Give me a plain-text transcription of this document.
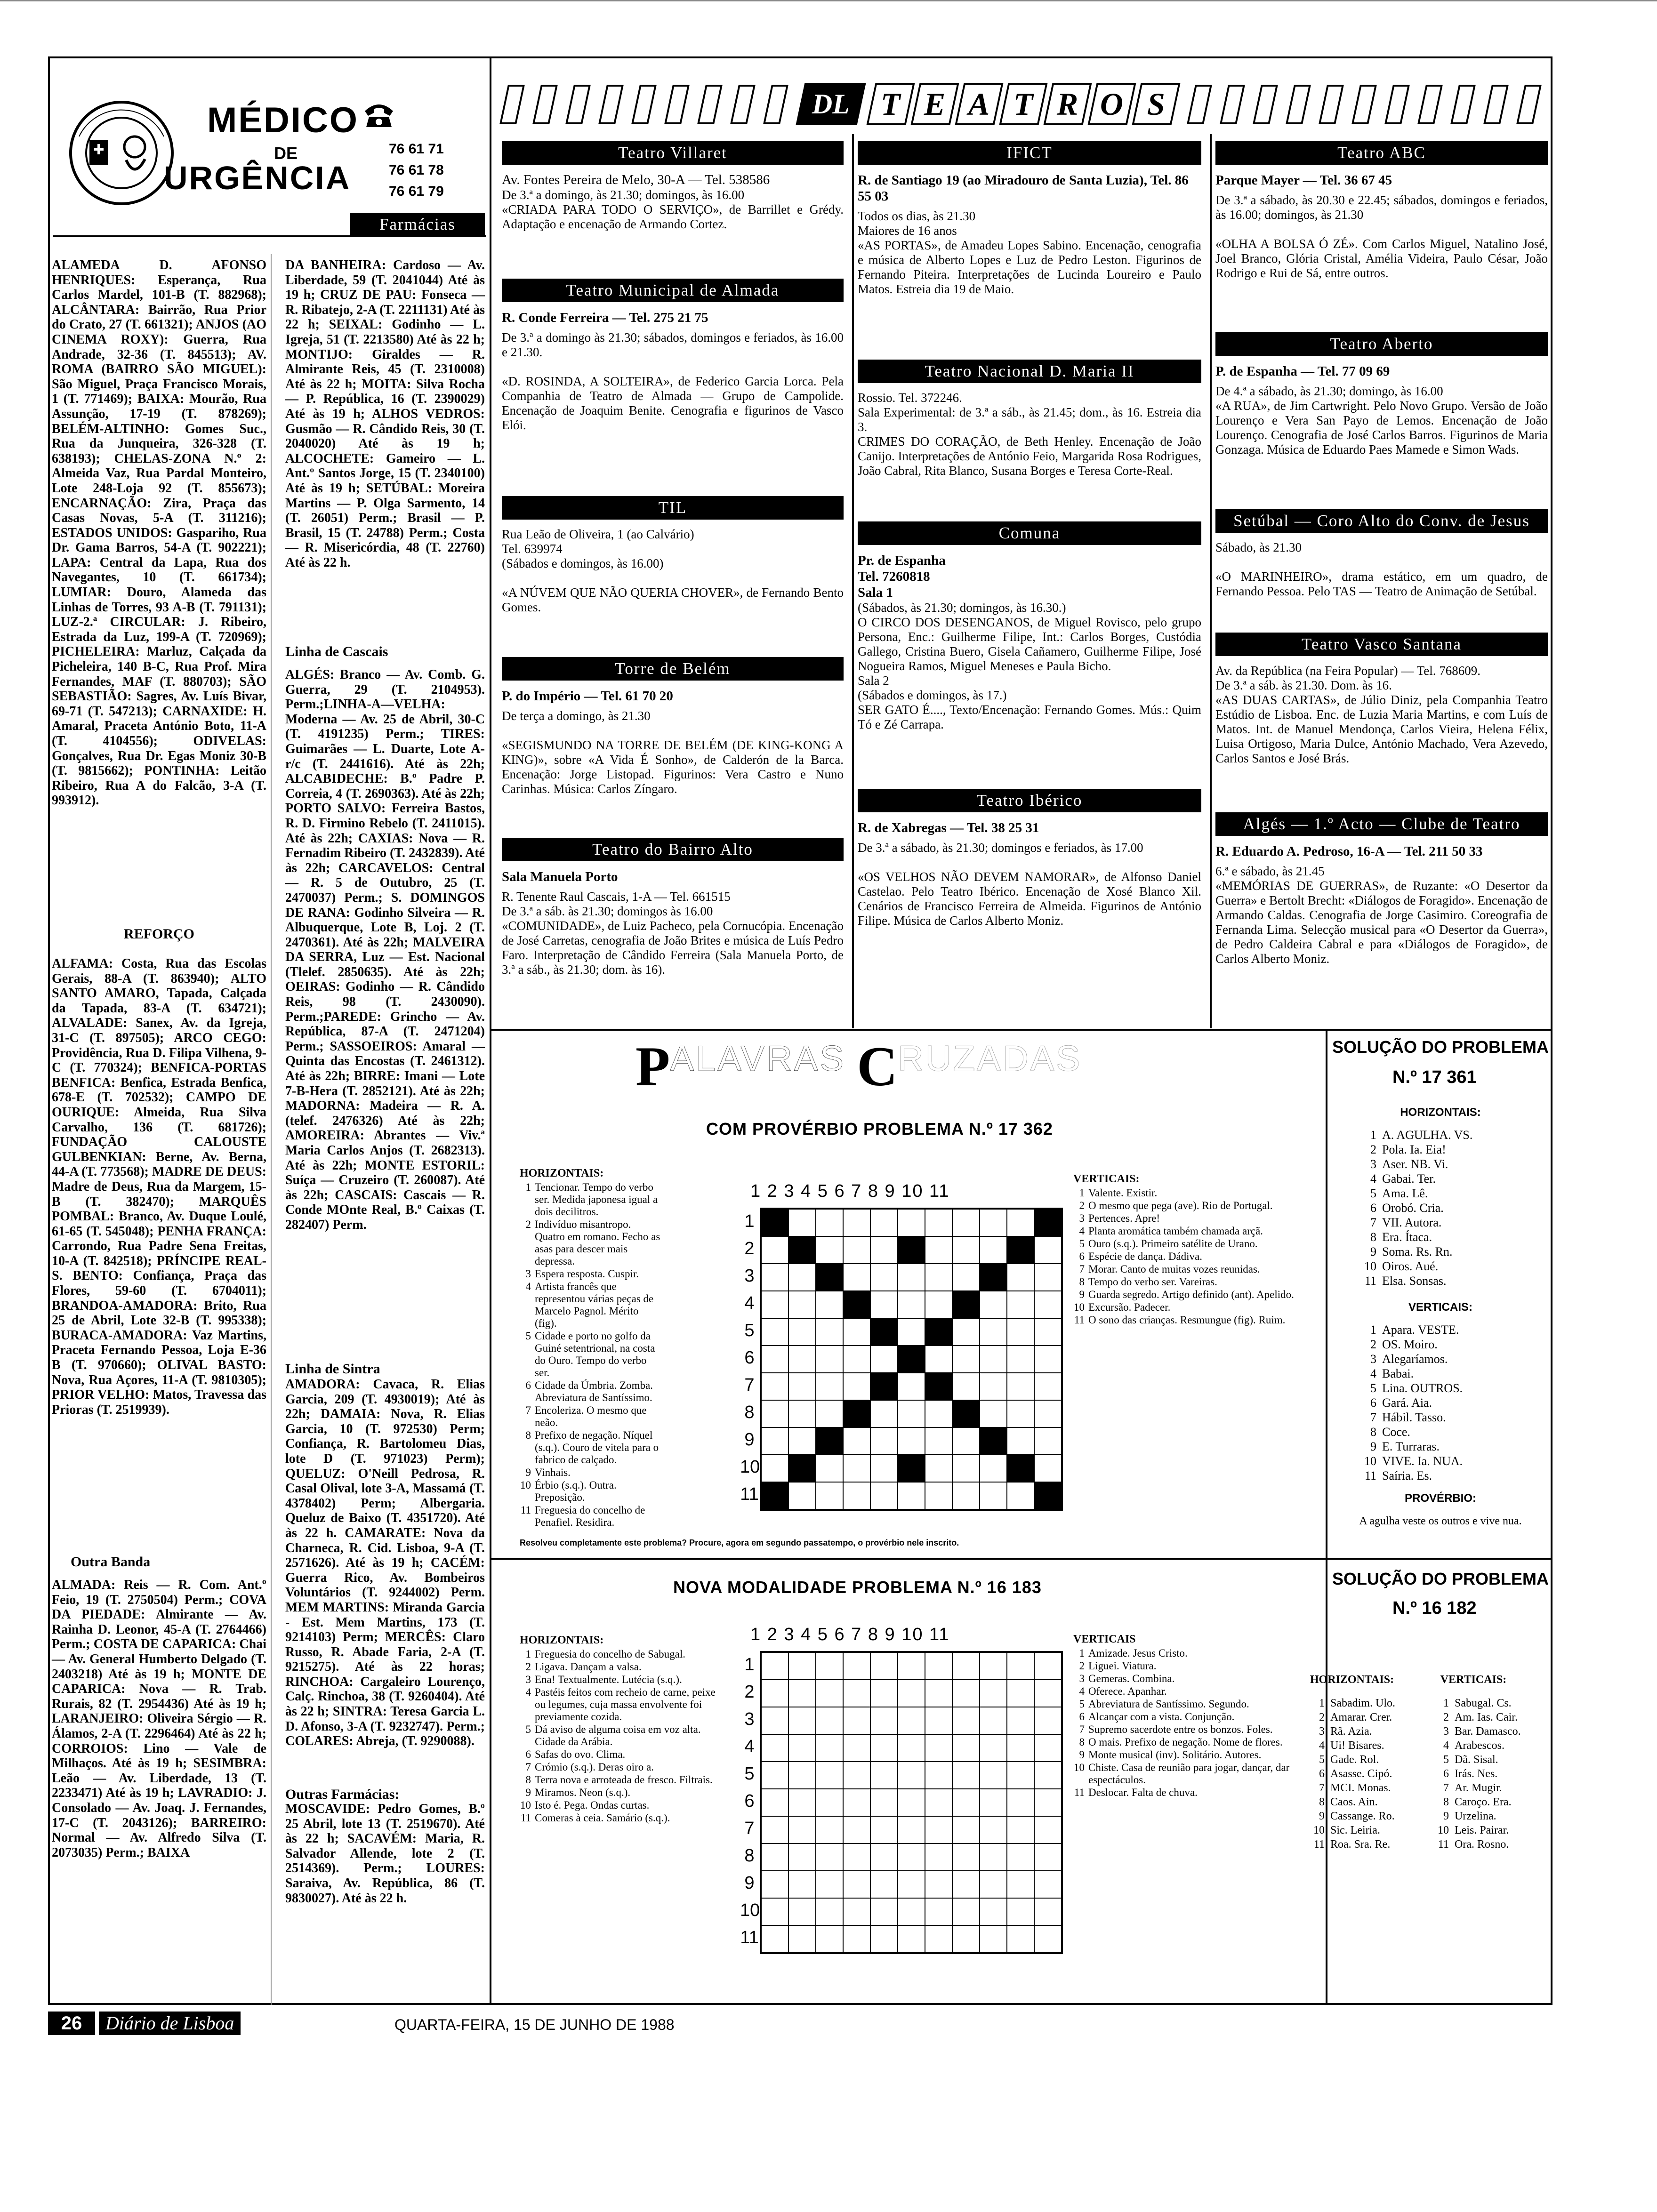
MÉDICO
DE
URGÊNCIA
76 61 71
76 61 78
76 61 79
Farmácias
ALAMEDA D. AFONSO HENRIQUES: Esperança, Rua Carlos Mardel, 101-B (T. 882968); ALCÂNTARA: Bairrão, Rua Prior do Crato, 27 (T. 661321); ANJOS (AO CINEMA ROXY): Guerra, Rua Andrade, 32-36 (T. 845513); AV. ROMA (BAIRRO SÃO MIGUEL): São Miguel, Praça Francisco Morais, 1 (T. 771469); BAIXA: Mourão, Rua Assunção, 17-19 (T. 878269); BELÉM-ALTINHO: Gomes Suc., Rua da Junqueira, 326-328 (T. 638193); CHELAS-ZONA N.º 2: Almeida Vaz, Rua Pardal Monteiro, Lote 248-Loja 92 (T. 855673); ENCARNAÇÃO: Zira, Praça das Casas Novas, 5-A (T. 311216); ESTADOS UNIDOS: Gaspariho, Rua Dr. Gama Barros, 54-A (T. 902221); LAPA: Central da Lapa, Rua dos Navegantes, 10 (T. 661734); LUMIAR: Douro, Alameda das Linhas de Torres, 93 A-B (T. 791131); LUZ-2.ª CIRCULAR: J. Ribeiro, Estrada da Luz, 199-A (T. 720969); PICHELEIRA: Marluz, Calçada da Picheleira, 140 B-C, Rua Prof. Mira Fernandes, MAF (T. 880703); SÃO SEBASTIÃO: Sagres, Av. Luís Bivar, 69-71 (T. 547213); CARNAXIDE: H. Amaral, Praceta António Boto, 11-A (T. 4104556); ODIVELAS: Gonçalves, Rua Dr. Egas Moniz 30-B (T. 9815662); PONTINHA: Leitão Ribeiro, Rua A do Falcão, 3-A (T. 993912).
REFORÇO
ALFAMA: Costa, Rua das Escolas Gerais, 88-A (T. 863940); ALTO SANTO AMARO, Tapada, Calçada da Tapada, 83-A (T. 634721); ALVALADE: Sanex, Av. da Igreja, 31-C (T. 897505); ARCO CEGO: Providência, Rua D. Filipa Vilhena, 9-C (T. 770324); BENFICA-PORTAS BENFICA: Benfica, Estrada Benfica, 678-E (T. 702532); CAMPO DE OURIQUE: Almeida, Rua Silva Carvalho, 136 (T. 681726); FUNDAÇÃO CALOUSTE GULBENKIAN: Berne, Av. Berna, 44-A (T. 773568); MADRE DE DEUS: Madre de Deus, Rua da Margem, 15-B (T. 382470); MARQUÊS POMBAL: Branco, Av. Duque Loulé, 61-65 (T. 545048); PENHA FRANÇA: Carrondo, Rua Padre Sena Freitas, 10-A (T. 842518); PRÍNCIPE REAL-S. BENTO: Confiança, Praça das Flores, 59-60 (T. 6704011); BRANDOA-AMADORA: Brito, Rua 25 de Abril, Lote 32-B (T. 995338); BURACA-AMADORA: Vaz Martins, Praceta Fernando Pessoa, Loja E-36 B (T. 970660); OLIVAL BASTO: Nova, Rua Açores, 11-A (T. 9810305); PRIOR VELHO: Matos, Travessa das Prioras (T. 2519939).
Outra Banda
ALMADA: Reis — R. Com. Ant.º Feio, 19 (T. 2750504) Perm.; COVA DA PIEDADE: Almirante — Av. Rainha D. Leonor, 45-A (T. 2764466) Perm.; COSTA DE CAPARICA: Chai — Av. General Humberto Delgado (T. 2403218) Até às 19 h; MONTE DE CAPARICA: Nova — R. Trab. Rurais, 82 (T. 2954436) Até às 19 h; LARANJEIRO: Oliveira Sérgio — R. Álamos, 2-A (T. 2296464) Até às 22 h; CORROIOS: Lino — Vale de Milhaços. Até às 19 h; SESIMBRA: Leão — Av. Liberdade, 13 (T. 2233471) Até às 19 h; LAVRADIO: J. Consolado — Av. Joaq. J. Fernandes, 17-C (T. 2043126); BARREIRO: Normal — Av. Alfredo Silva (T. 2073035) Perm.; BAIXA
DA BANHEIRA: Cardoso — Av. Liberdade, 59 (T. 2041044) Até às 19 h; CRUZ DE PAU: Fonseca — R. Ribatejo, 2-A (T. 2211131) Até às 22 h; SEIXAL: Godinho — L. Igreja, 51 (T. 2213580) Até às 22 h; MONTIJO: Giraldes — R. Almirante Reis, 45 (T. 2310008) Até às 22 h; MOITA: Silva Rocha — P. República, 16 (T. 2390029) Até às 19 h; ALHOS VEDROS: Gusmão — R. Cândido Reis, 30 (T. 2040020) Até às 19 h; ALCOCHETE: Gameiro — L. Ant.º Santos Jorge, 15 (T. 2340100) Até às 19 h; SETÚBAL: Moreira Martins — P. Olga Sarmento, 14 (T. 26051) Perm.; Brasil — P. Brasil, 15 (T. 24788) Perm.; Costa — R. Misericórdia, 48 (T. 22760) Até às 22 h.
Linha de Cascais
ALGÉS: Branco — Av. Comb. G. Guerra, 29 (T. 2104953). Perm.;LINHA-A—VELHA: Moderna — Av. 25 de Abril, 30-C (T. 4191235) Perm.; TIRES: Guimarães — L. Duarte, Lote A-r/c (T. 2441616). Até às 22h; ALCABIDECHE: B.º Padre P. Correia, 4 (T. 2690363). Até às 22h; PORTO SALVO: Ferreira Bastos, R. D. Firmino Rebelo (T. 2411015). Até às 22h; CAXIAS: Nova — R. Fernadim Ribeiro (T. 2432839). Até às 22h; CARCAVELOS: Central — R. 5 de Outubro, 25 (T. 2470037) Perm.; S. DOMINGOS DE RANA: Godinho Silveira — R. Albuquerque, Lote B, Loj. 2 (T. 2470361). Até às 22h; MALVEIRA DA SERRA, Luz — Est. Nacional (Tlelef. 2850635). Até às 22h; OEIRAS: Godinho — R. Cândido Reis, 98 (T. 2430090). Perm.;PAREDE: Grincho — Av. República, 87-A (T. 2471204) Perm.; SASSOEIROS: Amaral — Quinta das Encostas (T. 2461312). Até às 22h; BIRRE: Imani — Lote 7-B-Hera (T. 2852121). Até às 22h; MADORNA: Madeira — R. A. (telef. 2476326) Até às 22h; AMOREIRA: Abrantes — Viv.ª Maria Carlos Anjos (T. 2682313). Até às 22h; MONTE ESTORIL: Suíça — Cruzeiro (T. 260087). Até às 22h; CASCAIS: Cascais — R. Conde MOnte Real, B.º Caixas (T. 282407) Perm.
Linha de Sintra
AMADORA: Cavaca, R. Elias Garcia, 209 (T. 4930019); Até às 22h; DAMAIA: Nova, R. Elias Garcia, 10 (T. 972530) Perm; Confiança, R. Bartolomeu Dias, lote D (T. 971023) Perm); QUELUZ: O'Neill Pedrosa, R. Casal Olival, lote 3-A, Massamá (T. 4378402) Perm; Albergaria. Queluz de Baixo (T. 4351720). Até às 22 h. CAMARATE: Nova da Charneca, R. Cid. Lisboa, 9-A (T. 2571626). Até às 19 h; CACÉM: Guerra Rico, Av. Bombeiros Voluntários (T. 9244002) Perm. MEM MARTINS: Miranda Garcia - Est. Mem Martins, 173 (T. 9214103) Perm; MERCÊS: Claro Russo, R. Abade Faria, 2-A (T. 9215275). Até às 22 horas; RINCHOA: Cargaleiro Lourenço, Calç. Rinchoa, 38 (T. 9260404). Até às 22 h; SINTRA: Teresa Garcia L. D. Afonso, 3-A (T. 9232747). Perm.; COLARES: Abreja, (T. 9290088).
Outras Farmácias:
MOSCAVIDE: Pedro Gomes, B.º 25 Abril, lote 13 (T. 2519670). Até às 22 h; SACAVÉM: Maria, R. Salvador Allende, lote 2 (T. 2514369). Perm.; LOURES: Saraiva, Av. República, 86 (T. 9830027). Até às 22 h.
DL T E A T R O S
Teatro Villaret
Av. Fontes Pereira de Melo, 30-A — Tel. 538586
De 3.ª a domingo, às 21.30; domingos, às 16.00
«CRIADA PARA TODO O SERVIÇO», de Barrillet e Grédy. Adaptação e encenação de Armando Cortez.
Teatro Municipal de Almada
R. Conde Ferreira — Tel. 275 21 75
De 3.ª a domingo às 21.30; sábados, domingos e feriados, às 16.00 e 21.30.

«D. ROSINDA, A SOLTEIRA», de Federico Garcia Lorca. Pela Companhia de Teatro de Almada — Grupo de Campolide. Encenação de Joaquim Benite. Cenografia e figurinos de Vasco Elói.
TIL
Rua Leão de Oliveira, 1 (ao Calvário)
Tel. 639974
(Sábados e domingos, às 16.00)

«A NÚVEM QUE NÃO QUERIA CHOVER», de Fernando Bento Gomes.
Torre de Belém
P. do Império — Tel. 61 70 20
De terça a domingo, às 21.30

«SEGISMUNDO NA TORRE DE BELÉM (DE KING-KONG A KING)», sobre «A Vida É Sonho», de Calderón de la Barca. Encenação: Jorge Listopad. Figurinos: Vera Castro e Nuno Carinhas. Música: Carlos Zíngaro.
Teatro do Bairro Alto
Sala Manuela Porto
R. Tenente Raul Cascais, 1-A — Tel. 661515
De 3.ª a sáb. às 21.30; domingos às 16.00
«COMUNIDADE», de Luiz Pacheco, pela Cornucópia. Encenação de José Carretas, cenografia de João Brites e música de Luís Pedro Faro. Interpretação de Cândido Ferreira (Sala Manuela Porto, de 3.ª a sáb., às 21.30; dom. às 16).
IFICT
R. de Santiago 19 (ao Miradouro de Santa Luzia), Tel. 86 55 03
Todos os dias, às 21.30
Maiores de 16 anos
«AS PORTAS», de Amadeu Lopes Sabino. Encenação, cenografia e música de Alberto Lopes e Luz de Pedro Leston. Figurinos de Fernando Piteira. Interpretações de Lucinda Loureiro e Paulo Matos. Estreia dia 19 de Maio.
Teatro Nacional D. Maria II
Rossio. Tel. 372246.
Sala Experimental: de 3.ª a sáb., às 21.45; dom., às 16. Estreia dia 3.
CRIMES DO CORAÇÃO, de Beth Henley. Encenação de João Canijo. Interpretações de António Feio, Margarida Rosa Rodrigues, João Cabral, Rita Blanco, Susana Borges e Teresa Corte-Real.
Comuna
Pr. de Espanha
Tel. 7260818
Sala 1
(Sábados, às 21.30; domingos, às 16.30.)
O CIRCO DOS DESENGANOS, de Miguel Rovisco, pelo grupo Persona, Enc.: Guilherme Filipe, Int.: Carlos Borges, Custódia Gallego, Cristina Buero, Gisela Cañamero, Guilherme Filipe, José Nogueira Ramos, Miguel Meneses e Paula Bicho.
Sala 2
(Sábados e domingos, às 17.)
SER GATO É...., Texto/Encenação: Fernando Gomes. Mús.: Quim Tó e Zé Carrapa.
Teatro Ibérico
R. de Xabregas — Tel. 38 25 31
De 3.ª a sábado, às 21.30; domingos e feriados, às 17.00

«OS VELHOS NÃO DEVEM NAMORAR», de Alfonso Daniel Castelao. Pelo Teatro Ibérico. Encenação de Xosé Blanco Xil. Cenários de Francisco Ferreira de Almeida. Figurinos de António Filipe. Música de Carlos Alberto Moniz.
Teatro ABC
Parque Mayer — Tel. 36 67 45
De 3.ª a sábado, às 20.30 e 22.45; sábados, domingos e feriados, às 16.00; domingos, às 21.30

«OLHA A BOLSA Ó ZÉ». Com Carlos Miguel, Natalino José, Joel Branco, Glória Cristal, Amélia Videira, Paulo César, João Rodrigo e Rui de Sá, entre outros.
Teatro Aberto
P. de Espanha — Tel. 77 09 69
De 4.ª a sábado, às 21.30; domingo, às 16.00
«A RUA», de Jim Cartwright. Pelo Novo Grupo. Versão de João Lourenço e Vera San Payo de Lemos. Encenação de João Lourenço. Cenografia de José Carlos Barros. Figurinos de Maria Gonzaga. Música de Eduardo Paes Mamede e Simon Wads.
Setúbal — Coro Alto do Conv. de Jesus
Sábado, às 21.30

«O MARINHEIRO», drama estático, em um quadro, de Fernando Pessoa. Pelo TAS — Teatro de Animação de Setúbal.
Teatro Vasco Santana
Av. da República (na Feira Popular) — Tel. 768609.
De 3.ª a sáb. às 21.30. Dom. às 16.
«AS DUAS CARTAS», de Júlio Diniz, pela Companhia Teatro Estúdio de Lisboa. Enc. de Luzia Maria Martins, e com Luís de Matos. Int. de Manuel Mendonça, Carlos Vieira, Helena Félix, Luisa Ortigoso, Maria Dulce, António Machado, Vera Azevedo, Carlos Santos e José Brás.
Algés — 1.º Acto — Clube de Teatro
R. Eduardo A. Pedroso, 16-A — Tel. 211 50 33
6.ª e sábado, às 21.45
«MEMÓRIAS DE GUERRAS», de Ruzante: «O Desertor da Guerra» e Bertolt Brecht: «Diálogos de Foragido». Encenação de Armando Caldas. Cenografia de Jorge Casimiro. Coreografia de Fernanda Lima. Selecção musical para «O Desertor da Guerra», de Pedro Caldeira Cabral e para «Diálogos de Foragido», de Carlos Alberto Moniz.
PALAVRAS CRUZADAS
COM PROVÉRBIO PROBLEMA N.º 17 362
HORIZONTAIS:
1 Tencionar. Tempo do verbo ser. Medida japonesa igual a dois decilitros.
2 Indivíduo misantropo. Quatro em romano. Fecho as asas para descer mais depressa.
3 Espera resposta. Cuspir.
4 Artista francês que representou várias peças de Marcelo Pagnol. Mérito (fig).
5 Cidade e porto no golfo da Guiné setentrional, na costa do Ouro. Tempo do verbo ser.
6 Cidade da Úmbria. Zomba. Abreviatura de Santíssimo.
7 Encoleriza. O mesmo que neão.
8 Prefixo de negação. Níquel (s.q.). Couro de vitela para o fabrico de calçado.
9 Vinhais.
10 Érbio (s.q.). Outra. Preposição.
11 Freguesia do concelho de Penafiel. Residira.
1 2 3 4 5 6 7 8 9 10 11
1
2
3
4
5
6
7
8
9
10
11
VERTICAIS:
1 Valente. Existir.
2 O mesmo que pega (ave). Rio de Portugal.
3 Pertences. Apre!
4 Planta aromática também chamada arçã.
5 Ouro (s.q.). Primeiro satélite de Urano.
6 Espécie de dança. Dádiva.
7 Morar. Canto de muitas vozes reunidas.
8 Tempo do verbo ser. Vareiras.
9 Guarda segredo. Artigo definido (ant). Apelido.
10 Excursão. Padecer.
11 O sono das crianças. Resmungue (fig). Ruim.
Resolveu completamente este problema? Procure, agora em segundo passatempo, o provérbio nele inscrito.
SOLUÇÃO DO PROBLEMA
N.º 17 361
HORIZONTAIS:
1 A. AGULHA. VS.
2 Pola. Ia. Eia!
3 Aser. NB. Vi.
4 Gabai. Ter.
5 Ama. Lê.
6 Orobó. Cria.
7 VII. Autora.
8 Era. Ítaca.
9 Soma. Rs. Rn.
10 Oiros. Aué.
11 Elsa. Sonsas.
VERTICAIS:
1 Apara. VESTE.
2 OS. Moiro.
3 Alegaríamos.
4 Babai.
5 Lina. OUTROS.
6 Gará. Aia.
7 Hábil. Tasso.
8 Coce.
9 E. Turraras.
10 VIVE. Ia. NUA.
11 Saíria. Es.
PROVÉRBIO:
A agulha veste os outros e vive nua.
NOVA MODALIDADE PROBLEMA N.º 16 183
HORIZONTAIS:
1 Freguesia do concelho de Sabugal.
2 Ligava. Dançam a valsa.
3 Ena! Textualmente. Lutécia (s.q.).
4 Pastéis feitos com recheio de carne, peixe ou legumes, cuja massa envolvente foi previamente cozida.
5 Dá aviso de alguma coisa em voz alta. Cidade da Arábia.
6 Safas do ovo. Clima.
7 Crómio (s.q.). Deras oiro a.
8 Terra nova e arroteada de fresco. Filtrais.
9 Miramos. Neon (s.q.).
10 Isto é. Pega. Ondas curtas.
11 Comeras à ceia. Samário (s.q.).
1 2 3 4 5 6 7 8 9 10 11
1
2
3
4
5
6
7
8
9
10
11
VERTICAIS
1 Amizade. Jesus Cristo.
2 Liguei. Viatura.
3 Gemeras. Combina.
4 Oferece. Apanhar.
5 Abreviatura de Santíssimo. Segundo.
6 Alcançar com a vista. Conjunção.
7 Supremo sacerdote entre os bonzos. Foles.
8 O mais. Prefixo de negação. Nome de flores.
9 Monte musical (inv). Solitário. Autores.
10 Chiste. Casa de reunião para jogar, dançar, dar espectáculos.
11 Deslocar. Falta de chuva.
SOLUÇÃO DO PROBLEMA
N.º 16 182
HORIZONTAIS:
1 Sabadim. Ulo.
2 Amarar. Crer.
3 Rã. Azia.
4 Ui! Bisares.
5 Gade. Rol.
6 Asasse. Cipó.
7 MCI. Monas.
8 Caos. Ain.
9 Cassange. Ro.
10 Sic. Leiria.
11 Roa. Sra. Re.
VERTICAIS:
1 Sabugal. Cs.
2 Am. Ias. Cair.
3 Bar. Damasco.
4 Arabescos.
5 Dã. Sisal.
6 Irás. Nes.
7 Ar. Mugir.
8 Caroço. Era.
9 Urzelina.
10 Leis. Pairar.
11 Ora. Rosno.
26	Diário de Lisboa	QUARTA-FEIRA, 15 DE JUNHO DE 1988
